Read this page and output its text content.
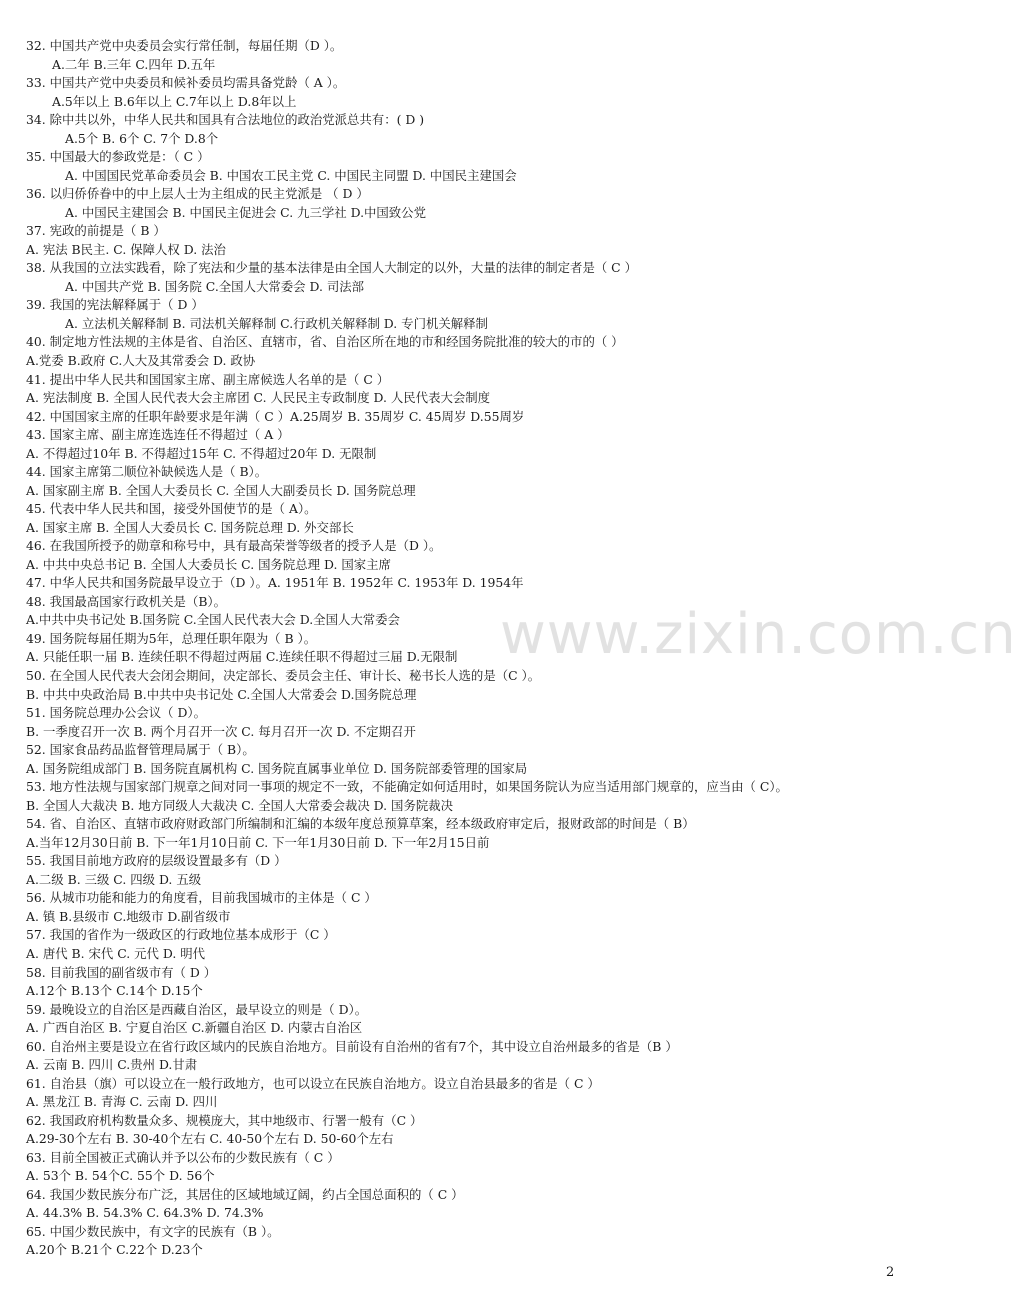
www.zixin.com.cn
32. 中国共产党中央委员会实行常任制，每届任期（D ）。
A.二年 B.三年 C.四年 D.五年
33. 中国共产党中央委员和候补委员均需具备党龄（ A ）。
A.5年以上 B.6年以上 C.7年以上 D.8年以上
34. 除中共以外，中华人民共和国具有合法地位的政治党派总共有：( D )
A.5个 B. 6个 C. 7个 D.8个
35. 中国最大的参政党是：（ C ）
A. 中国国民党革命委员会 B. 中国农工民主党 C. 中国民主同盟 D. 中国民主建国会
36. 以归侨侨眷中的中上层人士为主组成的民主党派是 （ D ）
A. 中国民主建国会 B. 中国民主促进会 C. 九三学社 D.中国致公党
37. 宪政的前提是（ B ）
A. 宪法 B民主. C. 保障人权 D. 法治
38. 从我国的立法实践看，除了宪法和少量的基本法律是由全国人大制定的以外，大量的法律的制定者是（ C ）
A. 中国共产党 B. 国务院 C.全国人大常委会 D. 司法部
39. 我国的宪法解释属于（ D ）
A. 立法机关解释制 B. 司法机关解释制 C.行政机关解释制 D. 专门机关解释制
40. 制定地方性法规的主体是省、自治区、直辖市，省、自治区所在地的市和经国务院批准的较大的市的（ ）
A.党委 B.政府 C.人大及其常委会 D. 政协
41. 提出中华人民共和国国家主席、副主席候选人名单的是（ C ）
A. 宪法制度 B. 全国人民代表大会主席团 C. 人民民主专政制度 D. 人民代表大会制度
42. 中国国家主席的任职年龄要求是年满（ C ）A.25周岁 B. 35周岁 C. 45周岁 D.55周岁
43. 国家主席、副主席连选连任不得超过（ A ）
A. 不得超过10年 B. 不得超过15年 C. 不得超过20年 D. 无限制
44. 国家主席第二顺位补缺候选人是（ B）。
A. 国家副主席 B. 全国人大委员长 C. 全国人大副委员长 D. 国务院总理
45. 代表中华人民共和国，接受外国使节的是（ A）。
A. 国家主席 B. 全国人大委员长 C. 国务院总理 D. 外交部长
46. 在我国所授予的勋章和称号中，具有最高荣誉等级者的授予人是（D ）。
A. 中共中央总书记 B. 全国人大委员长 C. 国务院总理 D. 国家主席
47. 中华人民共和国务院最早设立于（D ）。A. 1951年 B. 1952年 C. 1953年 D. 1954年
48. 我国最高国家行政机关是（B）。
A.中共中央书记处 B.国务院 C.全国人民代表大会 D.全国人大常委会
49. 国务院每届任期为5年，总理任职年限为（ B ）。
A. 只能任职一届 B. 连续任职不得超过两届 C.连续任职不得超过三届 D.无限制
50. 在全国人民代表大会闭会期间，决定部长、委员会主任、审计长、秘书长人选的是（C ）。
B. 中共中央政治局 B.中共中央书记处 C.全国人大常委会 D.国务院总理
51. 国务院总理办公会议（ D）。
B. 一季度召开一次 B. 两个月召开一次 C. 每月召开一次 D. 不定期召开
52. 国家食品药品监督管理局属于（ B）。
A. 国务院组成部门 B. 国务院直属机构 C. 国务院直属事业单位 D. 国务院部委管理的国家局
53. 地方性法规与国家部门规章之间对同一事项的规定不一致，不能确定如何适用时，如果国务院认为应当适用部门规章的，应当由（ C）。
B. 全国人大裁决 B. 地方同级人大裁决 C. 全国人大常委会裁决 D. 国务院裁决
54. 省、自治区、直辖市政府财政部门所编制和汇编的本级年度总预算草案，经本级政府审定后，报财政部的时间是（ B）
A.当年12月30日前 B. 下一年1月10日前 C. 下一年1月30日前 D. 下一年2月15日前
55. 我国目前地方政府的层级设置最多有（D ）
A.二级 B. 三级 C. 四级 D. 五级
56. 从城市功能和能力的角度看，目前我国城市的主体是（ C ）
A. 镇 B.县级市 C.地级市 D.副省级市
57. 我国的省作为一级政区的行政地位基本成形于（C ）
A. 唐代 B. 宋代 C. 元代 D. 明代
58. 目前我国的副省级市有（ D ）
A.12个 B.13个 C.14个 D.15个
59. 最晚设立的自治区是西藏自治区，最早设立的则是（ D）。
A. 广西自治区 B. 宁夏自治区 C.新疆自治区 D. 内蒙古自治区
60. 自治州主要是设立在省行政区域内的民族自治地方。目前设有自治州的省有7个，其中设立自治州最多的省是（B ）
A. 云南 B. 四川 C.贵州 D.甘肃
61. 自治县（旗）可以设立在一般行政地方，也可以设立在民族自治地方。设立自治县最多的省是（ C ）
A. 黑龙江 B. 青海 C. 云南 D. 四川
62. 我国政府机构数量众多、规模庞大，其中地级市、行署一般有（C ）
A.29-30个左右 B. 30-40个左右 C. 40-50个左右 D. 50-60个左右
63. 目前全国被正式确认并予以公布的少数民族有（ C ）
A. 53个 B. 54个C. 55个 D. 56个
64. 我国少数民族分布广泛，其居住的区域地域辽阔，约占全国总面积的（ C ）
A. 44.3% B. 54.3% C. 64.3% D. 74.3%
65. 中国少数民族中，有文字的民族有（B ）。
A.20个 B.21个 C.22个 D.23个
2
